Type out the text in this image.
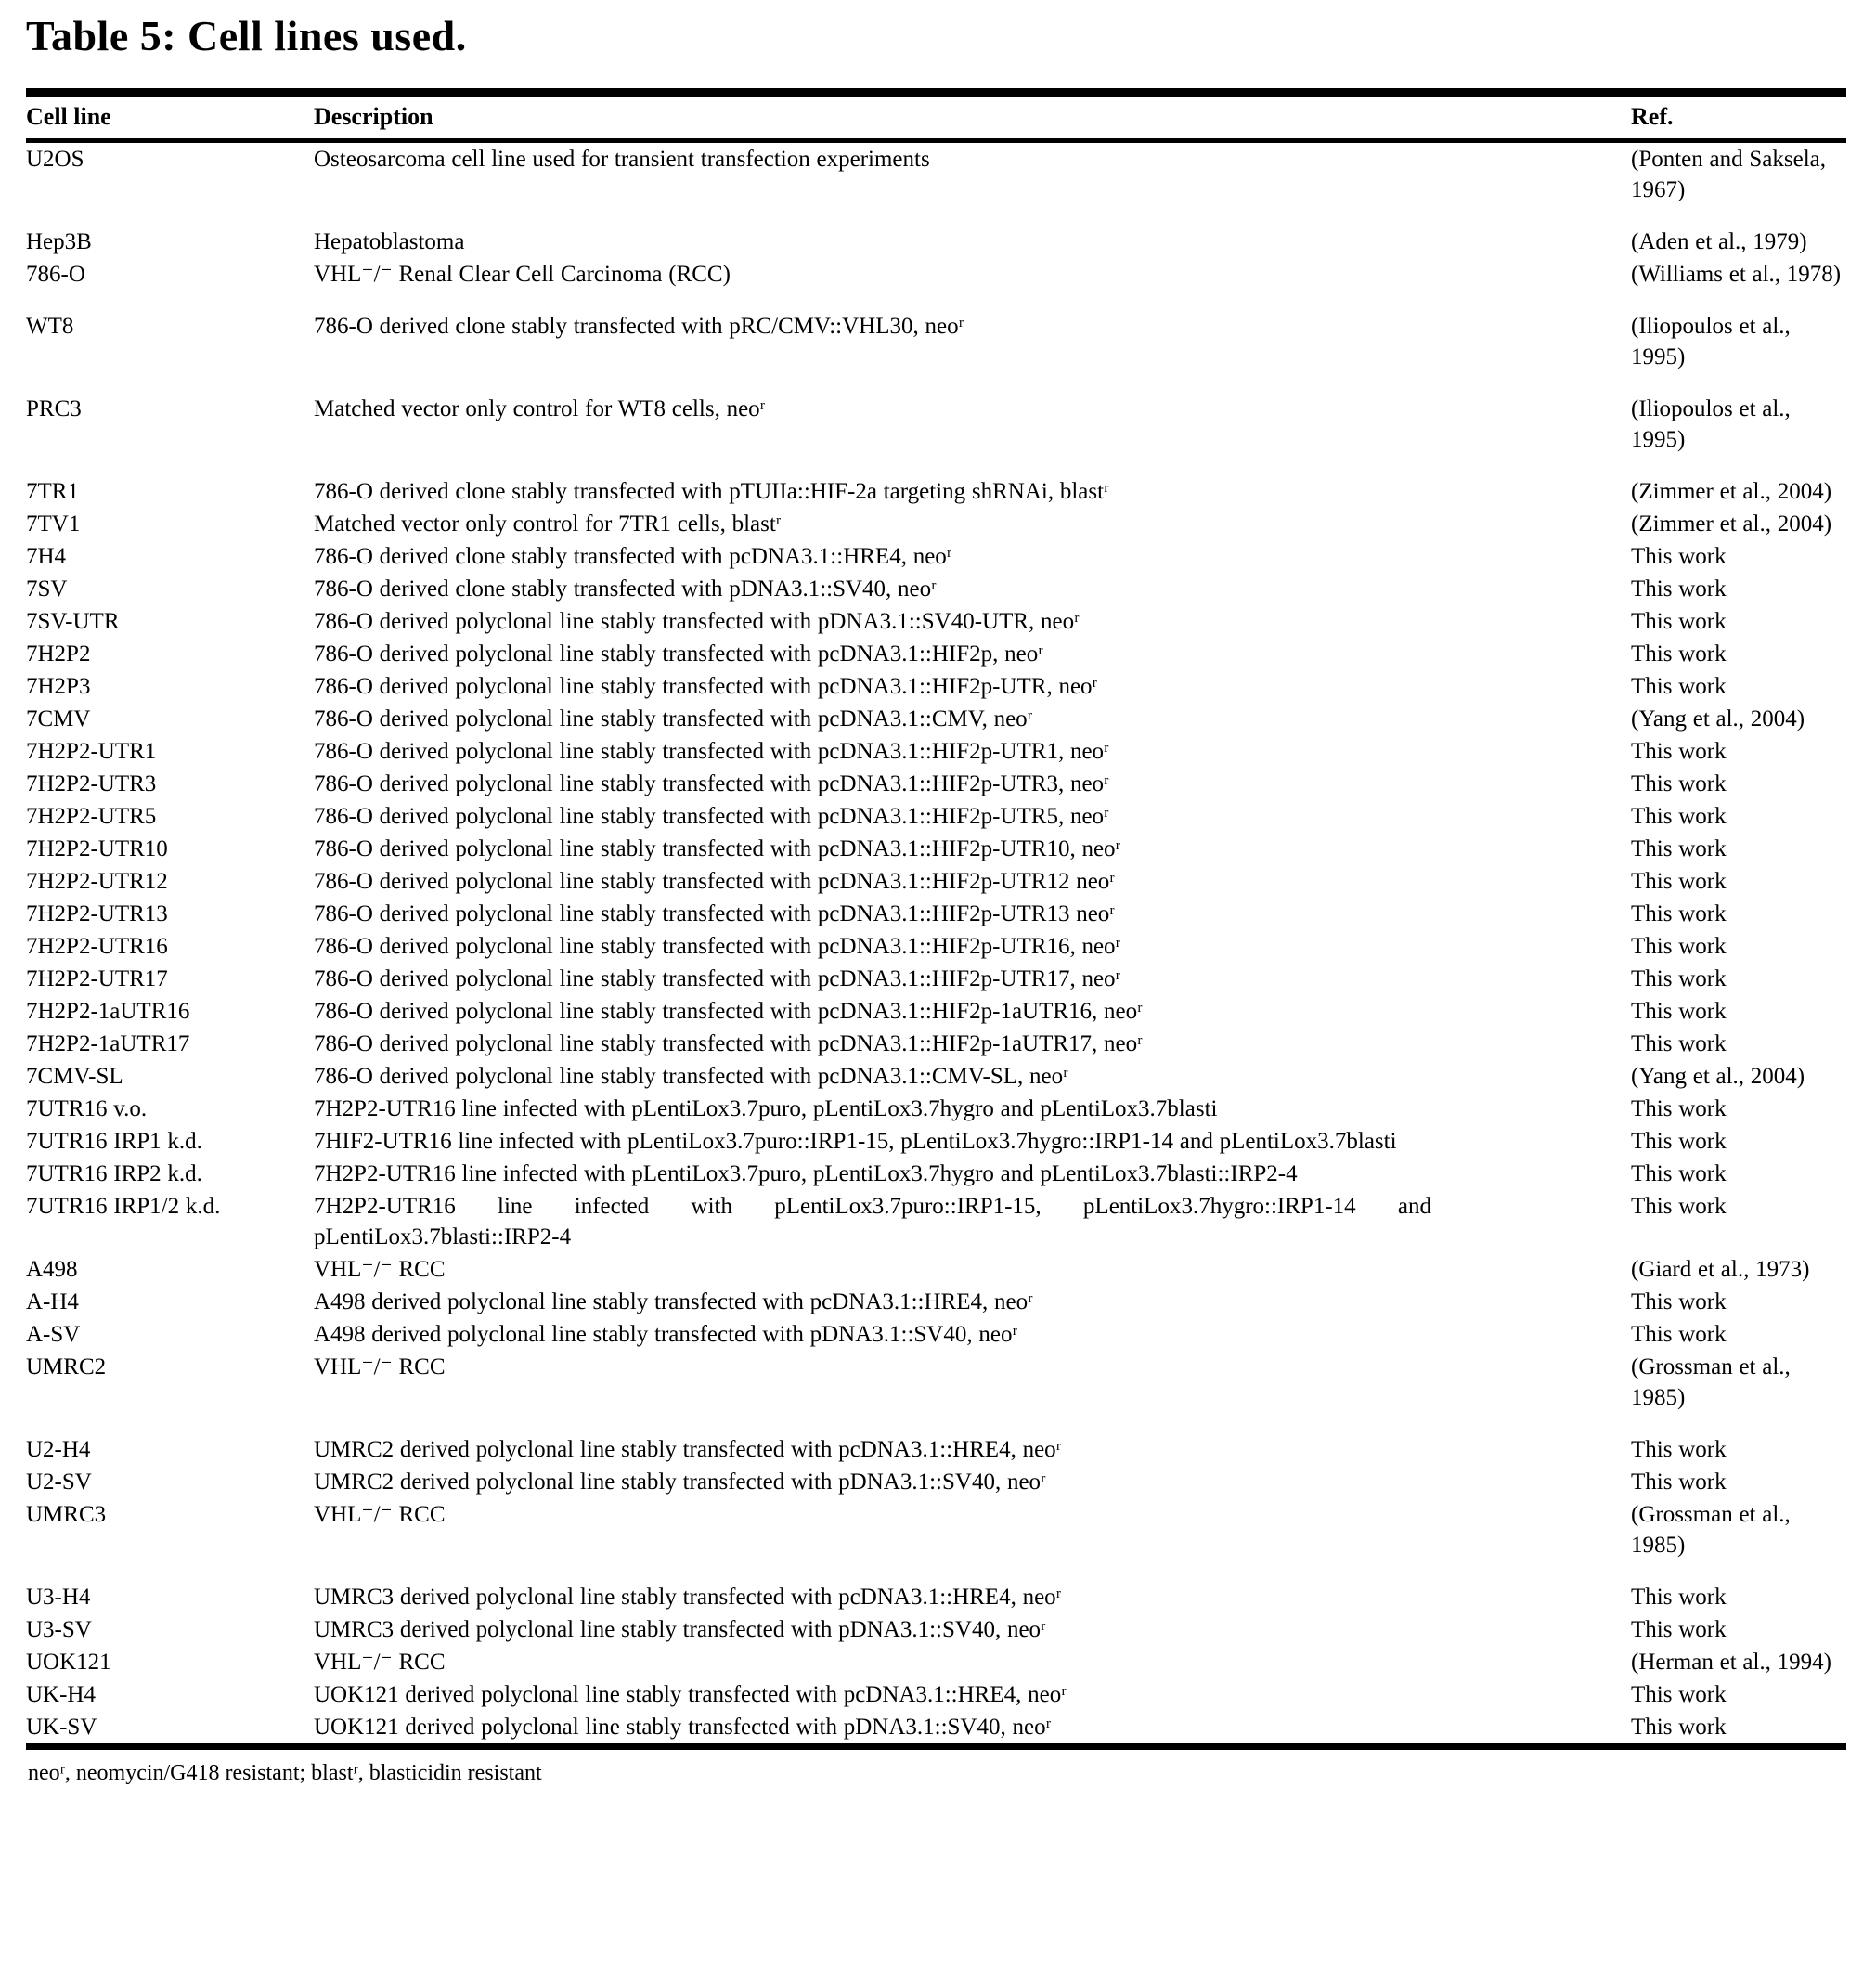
Table 5: Cell lines used.
Cell line	Description	Ref.
U2OS	Osteosarcoma cell line used for transient transfection experiments	(Ponten and Saksela, 1967)
Hep3B	Hepatoblastoma	(Aden et al., 1979)
786-O	VHL⁻/⁻ Renal Clear Cell Carcinoma (RCC)	(Williams et al., 1978)
WT8	786-O derived clone stably transfected with pRC/CMV::VHL30, neoʳ	(Iliopoulos et al., 1995)
PRC3	Matched vector only control for WT8 cells, neoʳ	(Iliopoulos et al., 1995)
7TR1	786-O derived clone stably transfected with pTUIIa::HIF-2a targeting shRNAi, blastʳ	(Zimmer et al., 2004)
7TV1	Matched vector only control for 7TR1 cells, blastʳ	(Zimmer et al., 2004)
7H4	786-O derived clone stably transfected with pcDNA3.1::HRE4, neoʳ	This work
7SV	786-O derived clone stably transfected with pDNA3.1::SV40, neoʳ	This work
7SV-UTR	786-O derived polyclonal line stably transfected with pDNA3.1::SV40-UTR, neoʳ	This work
7H2P2	786-O derived polyclonal line stably transfected with pcDNA3.1::HIF2p, neoʳ	This work
7H2P3	786-O derived polyclonal line stably transfected with pcDNA3.1::HIF2p-UTR, neoʳ	This work
7CMV	786-O derived polyclonal line stably transfected with pcDNA3.1::CMV, neoʳ	(Yang et al., 2004)
7H2P2-UTR1	786-O derived polyclonal line stably transfected with pcDNA3.1::HIF2p-UTR1, neoʳ	This work
7H2P2-UTR3	786-O derived polyclonal line stably transfected with pcDNA3.1::HIF2p-UTR3, neoʳ	This work
7H2P2-UTR5	786-O derived polyclonal line stably transfected with pcDNA3.1::HIF2p-UTR5, neoʳ	This work
7H2P2-UTR10	786-O derived polyclonal line stably transfected with pcDNA3.1::HIF2p-UTR10, neoʳ	This work
7H2P2-UTR12	786-O derived polyclonal line stably transfected with pcDNA3.1::HIF2p-UTR12 neoʳ	This work
7H2P2-UTR13	786-O derived polyclonal line stably transfected with pcDNA3.1::HIF2p-UTR13 neoʳ	This work
7H2P2-UTR16	786-O derived polyclonal line stably transfected with pcDNA3.1::HIF2p-UTR16, neoʳ	This work
7H2P2-UTR17	786-O derived polyclonal line stably transfected with pcDNA3.1::HIF2p-UTR17, neoʳ	This work
7H2P2-1aUTR16	786-O derived polyclonal line stably transfected with pcDNA3.1::HIF2p-1aUTR16, neoʳ	This work
7H2P2-1aUTR17	786-O derived polyclonal line stably transfected with pcDNA3.1::HIF2p-1aUTR17, neoʳ	This work
7CMV-SL	786-O derived polyclonal line stably transfected with pcDNA3.1::CMV-SL, neoʳ	(Yang et al., 2004)
7UTR16 v.o.	7H2P2-UTR16 line infected with pLentiLox3.7puro, pLentiLox3.7hygro and pLentiLox3.7blasti	This work
7UTR16 IRP1 k.d.	7HIF2-UTR16 line infected with pLentiLox3.7puro::IRP1-15, pLentiLox3.7hygro::IRP1-14 and pLentiLox3.7blasti	This work
7UTR16 IRP2 k.d.	7H2P2-UTR16 line infected with pLentiLox3.7puro, pLentiLox3.7hygro and pLentiLox3.7blasti::IRP2-4	This work
7UTR16 IRP1/2 k.d.	7H2P2-UTR16 line infected with pLentiLox3.7puro::IRP1-15, pLentiLox3.7hygro::IRP1-14 and pLentiLox3.7blasti::IRP2-4	This work
A498	VHL⁻/⁻ RCC	(Giard et al., 1973)
A-H4	A498 derived polyclonal line stably transfected with pcDNA3.1::HRE4, neoʳ	This work
A-SV	A498 derived polyclonal line stably transfected with pDNA3.1::SV40, neoʳ	This work
UMRC2	VHL⁻/⁻ RCC	(Grossman et al., 1985)
U2-H4	UMRC2 derived polyclonal line stably transfected with pcDNA3.1::HRE4, neoʳ	This work
U2-SV	UMRC2 derived polyclonal line stably transfected with pDNA3.1::SV40, neoʳ	This work
UMRC3	VHL⁻/⁻ RCC	(Grossman et al., 1985)
U3-H4	UMRC3 derived polyclonal line stably transfected with pcDNA3.1::HRE4, neoʳ	This work
U3-SV	UMRC3 derived polyclonal line stably transfected with pDNA3.1::SV40, neoʳ	This work
UOK121	VHL⁻/⁻ RCC	(Herman et al., 1994)
UK-H4	UOK121 derived polyclonal line stably transfected with pcDNA3.1::HRE4, neoʳ	This work
UK-SV	UOK121 derived polyclonal line stably transfected with pDNA3.1::SV40, neoʳ	This work
neoʳ, neomycin/G418 resistant; blastʳ, blasticidin resistant
